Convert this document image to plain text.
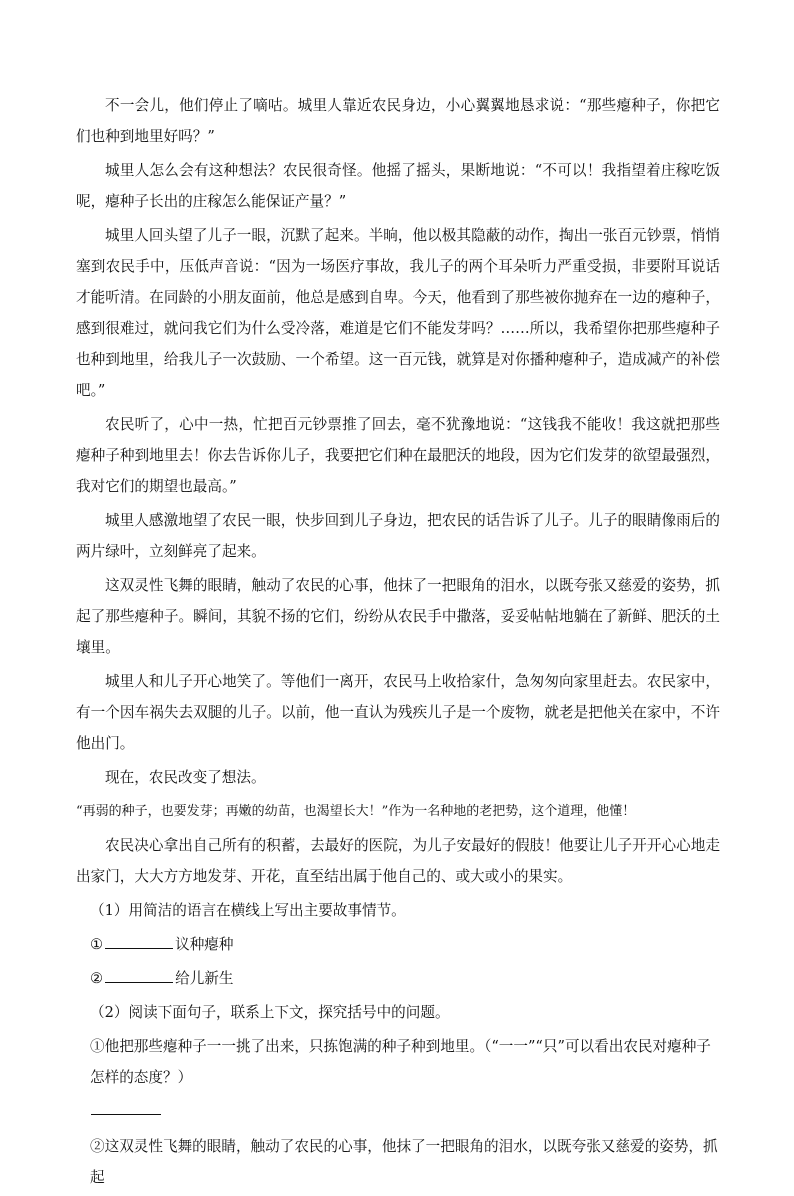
不一会儿，他们停止了嘀咕。城里人靠近农民身边，小心翼翼地恳求说：“那些瘪种子，你把它们也种到地里好吗？”

城里人怎么会有这种想法？农民很奇怪。他摇了摇头，果断地说：“不可以！我指望着庄稼吃饭呢，瘪种子长出的庄稼怎么能保证产量？”

城里人回头望了儿子一眼，沉默了起来。半晌，他以极其隐蔽的动作，掏出一张百元钞票，悄悄塞到农民手中，压低声音说：“因为一场医疗事故，我儿子的两个耳朵听力严重受损，非要附耳说话才能听清。在同龄的小朋友面前，他总是感到自卑。今天，他看到了那些被你抛弃在一边的瘪种子，感到很难过，就问我它们为什么受冷落，难道是它们不能发芽吗？……所以，我希望你把那些瘪种子也种到地里，给我儿子一次鼓励、一个希望。这一百元钱，就算是对你播种瘪种子，造成减产的补偿吧。”

农民听了，心中一热，忙把百元钞票推了回去，毫不犹豫地说：“这钱我不能收！我这就把那些瘪种子种到地里去！你去告诉你儿子，我要把它们种在最肥沃的地段，因为它们发芽的欲望最强烈，我对它们的期望也最高。”

城里人感激地望了农民一眼，快步回到儿子身边，把农民的话告诉了儿子。儿子的眼睛像雨后的两片绿叶，立刻鲜亮了起来。

这双灵性飞舞的眼睛，触动了农民的心事，他抹了一把眼角的泪水，以既夸张又慈爱的姿势，抓起了那些瘪种子。瞬间，其貌不扬的它们，纷纷从农民手中撒落，妥妥帖帖地躺在了新鲜、肥沃的土壤里。

城里人和儿子开心地笑了。等他们一离开，农民马上收拾家什，急匆匆向家里赶去。农民家中，有一个因车祸失去双腿的儿子。以前，他一直认为残疾儿子是一个废物，就老是把他关在家中，不许他出门。

现在，农民改变了想法。

“再弱的种子，也要发芽；再嫩的幼苗，也渴望长大！”作为一名种地的老把势，这个道理，他懂！

农民决心拿出自己所有的积蓄，去最好的医院，为儿子安最好的假肢！他要让儿子开开心心地走出家门，大大方方地发芽、开花，直至结出属于他自己的、或大或小的果实。

（1）用简洁的语言在横线上写出主要故事情节。

①	议种瘪种

②	给儿新生

（2）阅读下面句子，联系上下文，探究括号中的问题。

①他把那些瘪种子一一挑了出来，只拣饱满的种子种到地里。（“一一”“只”可以看出农民对瘪种子怎样的态度？）

②这双灵性飞舞的眼睛，触动了农民的心事，他抹了一把眼角的泪水，以既夸张又慈爱的姿势，抓起
